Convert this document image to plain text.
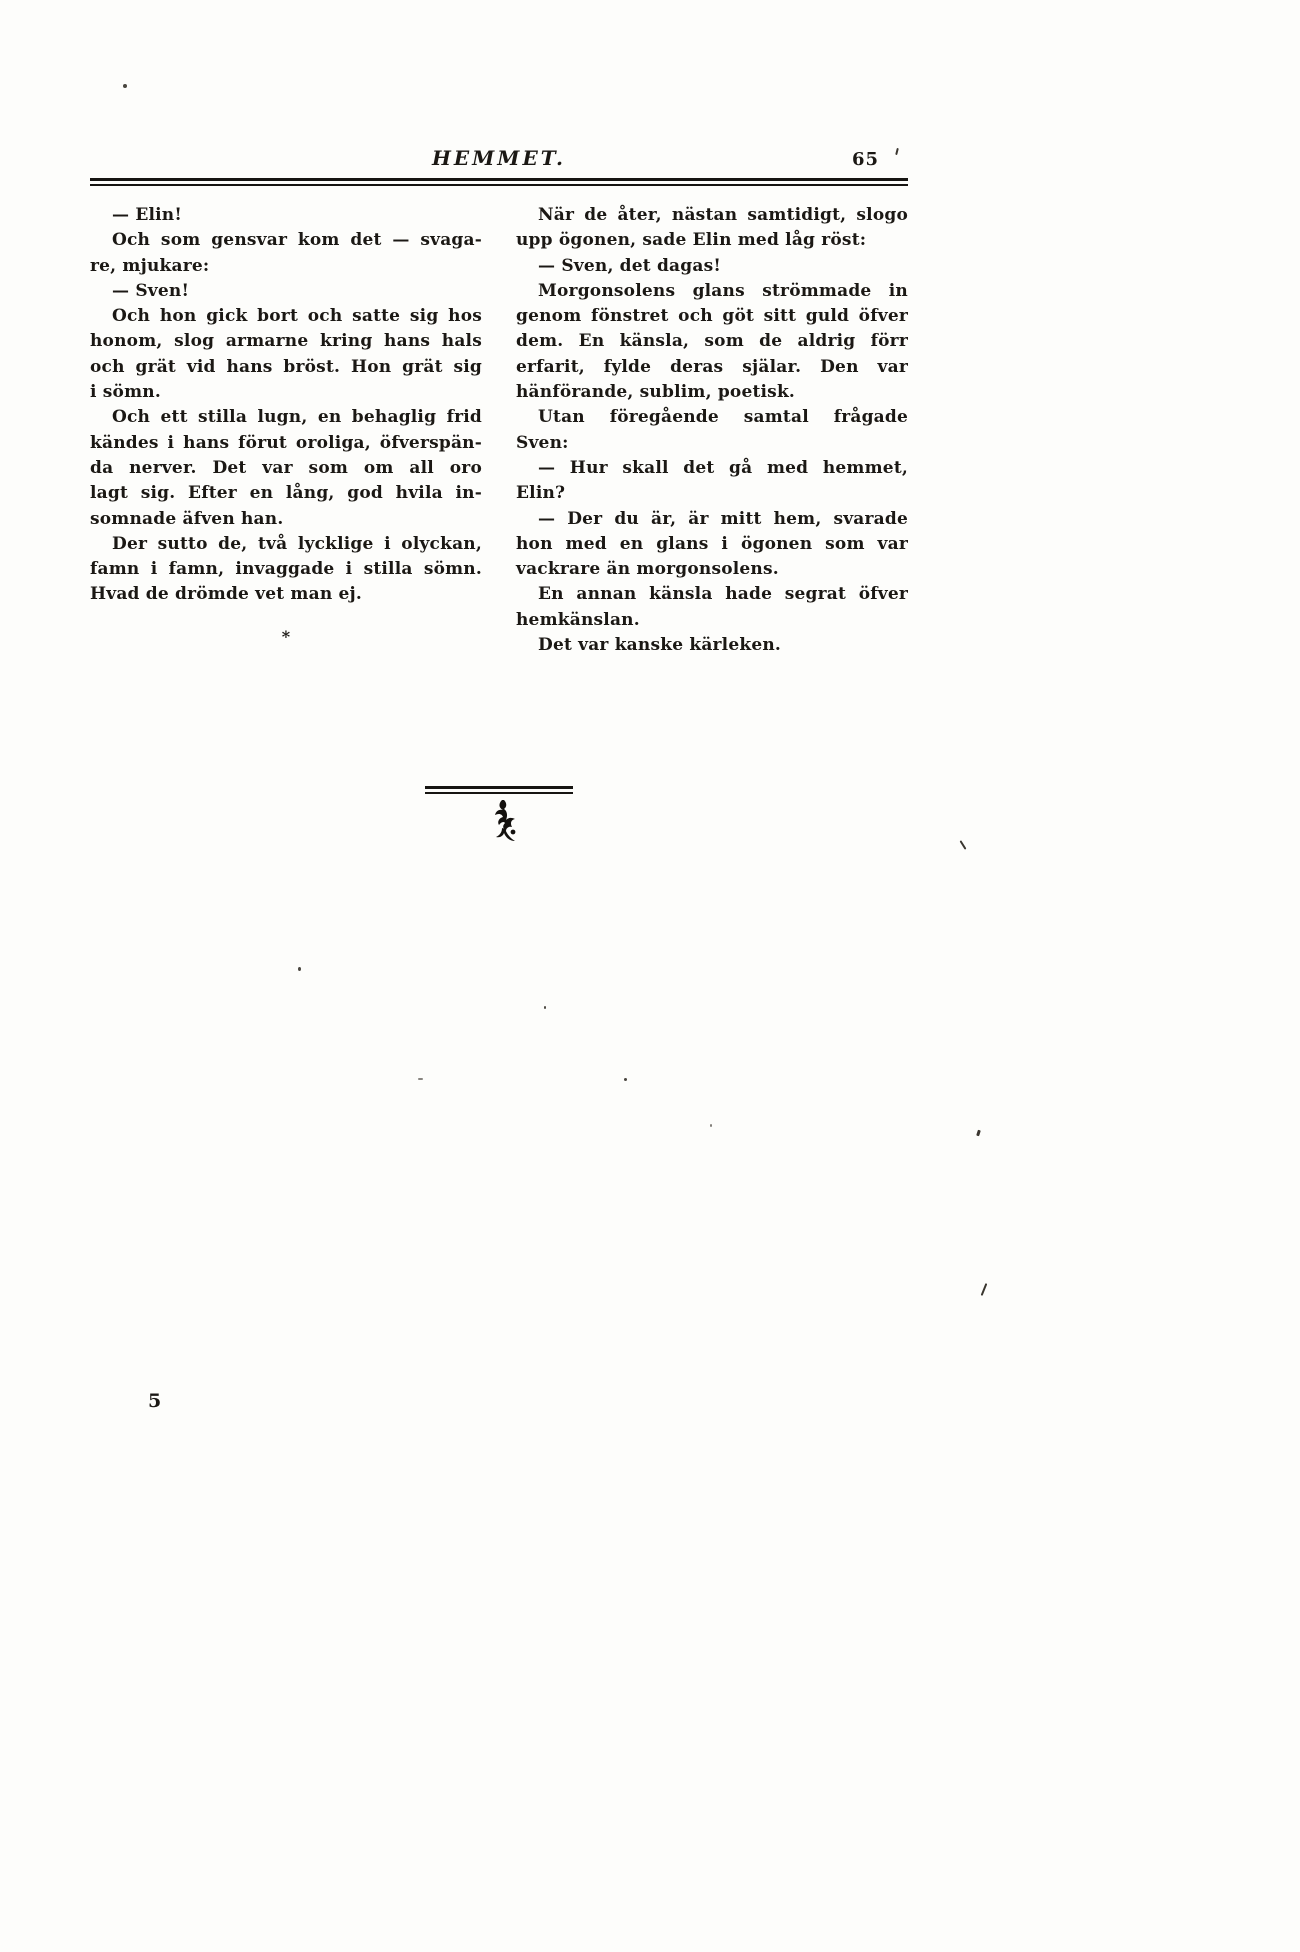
HEMMET.	65
— Elin!
Och som gensvar kom det — svaga-
re, mjukare:
— Sven!
Och hon gick bort och satte sig hos
honom, slog armarne kring hans hals
och grät vid hans bröst. Hon grät sig
i sömn.
Och ett stilla lugn, en behaglig frid
kändes i hans förut oroliga, öfverspän-
da nerver. Det var som om all oro
lagt sig. Efter en lång, god hvila in-
somnade äfven han.
Der sutto de, två lycklige i olyckan,
famn i famn, invaggade i stilla sömn.
Hvad de drömde vet man ej.
*
När de åter, nästan samtidigt, slogo
upp ögonen, sade Elin med låg röst:
— Sven, det dagas!
Morgonsolens glans strömmade in
genom fönstret och göt sitt guld öfver
dem. En känsla, som de aldrig förr
erfarit, fylde deras själar. Den var
hänförande, sublim, poetisk.
Utan föregående samtal frågade
Sven:
— Hur skall det gå med hemmet,
Elin?
— Der du är, är mitt hem, svarade
hon med en glans i ögonen som var
vackrare än morgonsolens.
En annan känsla hade segrat öfver
hemkänslan.
Det var kanske kärleken.
5
